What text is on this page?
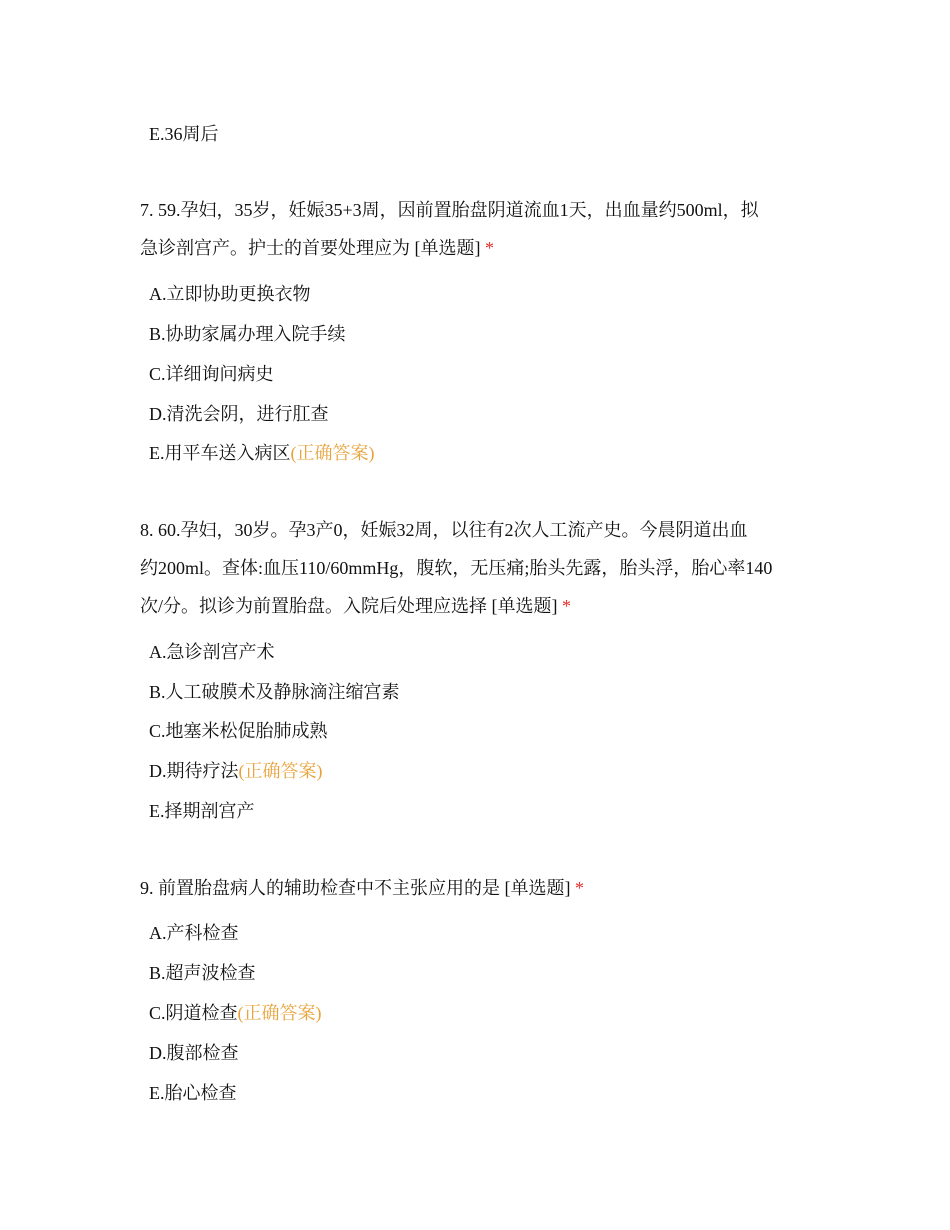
E.36周后
7. 59.孕妇，35岁，妊娠35+3周，因前置胎盘阴道流血1天，出血量约500ml，拟
急诊剖宫产。护士的首要处理应为 [单选题] *
A.立即协助更换衣物
B.协助家属办理入院手续
C.详细询问病史
D.清洗会阴，进行肛查
E.用平车送入病区(正确答案)
8. 60.孕妇，30岁。孕3产0，妊娠32周，以往有2次人工流产史。今晨阴道出血
约200ml。查体:血压110/60mmHg，腹软，无压痛;胎头先露，胎头浮，胎心率140
次/分。拟诊为前置胎盘。入院后处理应选择 [单选题] *
A.急诊剖宫产术
B.人工破膜术及静脉滴注缩宫素
C.地塞米松促胎肺成熟
D.期待疗法(正确答案)
E.择期剖宫产
9. 前置胎盘病人的辅助检查中不主张应用的是 [单选题] *
A.产科检查
B.超声波检查
C.阴道检查(正确答案)
D.腹部检查
E.胎心检查
